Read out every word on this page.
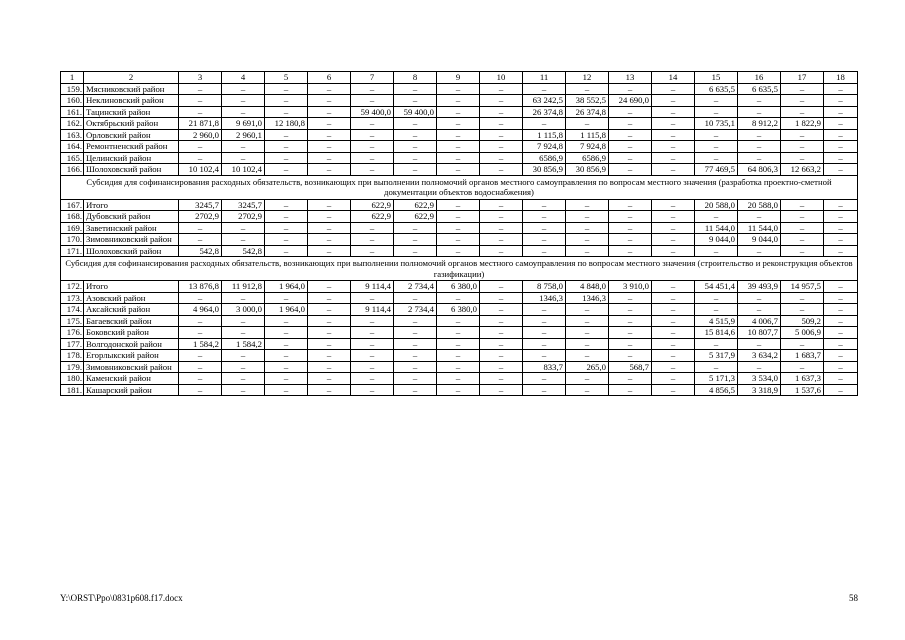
1	2	3	4	5	6	7	8	9	10	11	12	13	14	15	16	17	18
159.	Мясниковский район	–	–	–	–	–	–	–	–	–	–	–	–	6 635,5	6 635,5	–	–
160.	Неклиновский район	–	–	–	–	–	–	–	–	63 242,5	38 552,5	24 690,0	–	–	–	–	–
161.	Тацинский район	–	–	–	–	59 400,0	59 400,0	–	–	26 374,8	26 374,8	–	–	–	–	–	–
162.	Октябрьский район	21 871,8	9 691,0	12 180,8	–	–	–	–	–	–	–	–	–	10 735,1	8 912,2	1 822,9	–
163.	Орловский район	2 960,0	2 960,1	–	–	–	–	–	–	1 115,8	1 115,8	–	–	–	–	–	–
164.	Ремонтненский район	–	–	–	–	–	–	–	–	7 924,8	7 924,8	–	–	–	–	–	–
165.	Целинский район	–	–	–	–	–	–	–	–	6586,9	6586,9	–	–	–	–	–	–
166.	Шолоховский район	10 102,4	10 102,4	–	–	–	–	–	–	30 856,9	30 856,9	–	–	77 469,5	64 806,3	12 663,2	–
Субсидия для софинансирования расходных обязательств, возникающих при выполнении полномочий органов местного самоуправления по вопросам местного значения (разработка проектно-сметной документации объектов водоснабжения)																	
167.	Итого	3245,7	3245,7	–	–	622,9	622,9	–	–	–	–	–	–	20 588,0	20 588,0	–	–
168.	Дубовский район	2702,9	2702,9	–	–	622,9	622,9	–	–	–	–	–	–	–	–	–	–
169.	Заветинский район	–	–	–	–	–	–	–	–	–	–	–	–	11 544,0	11 544,0	–	–
170.	Зимовниковский район	–	–	–	–	–	–	–	–	–	–	–	–	9 044,0	9 044,0	–	–
171.	Шолоховский район	542,8	542,8	–	–	–	–	–	–	–	–	–	–	–	–	–	–
Субсидия для софинансирования расходных обязательств, возникающих при выполнении полномочий органов местного самоуправления по вопросам местного значения (строительство и реконструкция объектов газификации)																	
172.	Итого	13 876,8	11 912,8	1 964,0	–	9 114,4	2 734,4	6 380,0	–	8 758,0	4 848,0	3 910,0	–	54 451,4	39 493,9	14 957,5	–
173.	Азовский район	–	–	–	–	–	–	–	–	1346,3	1346,3	–	–	–	–	–	–
174.	Аксайский район	4 964,0	3 000,0	1 964,0	–	9 114,4	2 734,4	6 380,0	–	–	–	–	–	–	–	–	–
175.	Багаевский район	–	–	–	–	–	–	–	–	–	–	–	–	4 515,9	4 006,7	509,2	–
176.	Боковский район	–	–	–	–	–	–	–	–	–	–	–	–	15 814,6	10 807,7	5 006,9	–
177.	Волгодонской район	1 584,2	1 584,2	–	–	–	–	–	–	–	–	–	–	–	–	–	–
178.	Егорлыкский район	–	–	–	–	–	–	–	–	–	–	–	–	5 317,9	3 634,2	1 683,7	–
179.	Зимовниковский район	–	–	–	–	–	–	–	–	833,7	265,0	568,7	–	–	–	–	–
180.	Каменский район	–	–	–	–	–	–	–	–	–	–	–	–	5 171,3	3 534,0	1 637,3	–
181.	Кашарский район	–	–	–	–	–	–	–	–	–	–	–	–	4 856,5	3 318,9	1 537,6	–
Y:\ORST\Ppo\0831p608.f17.docx	58
